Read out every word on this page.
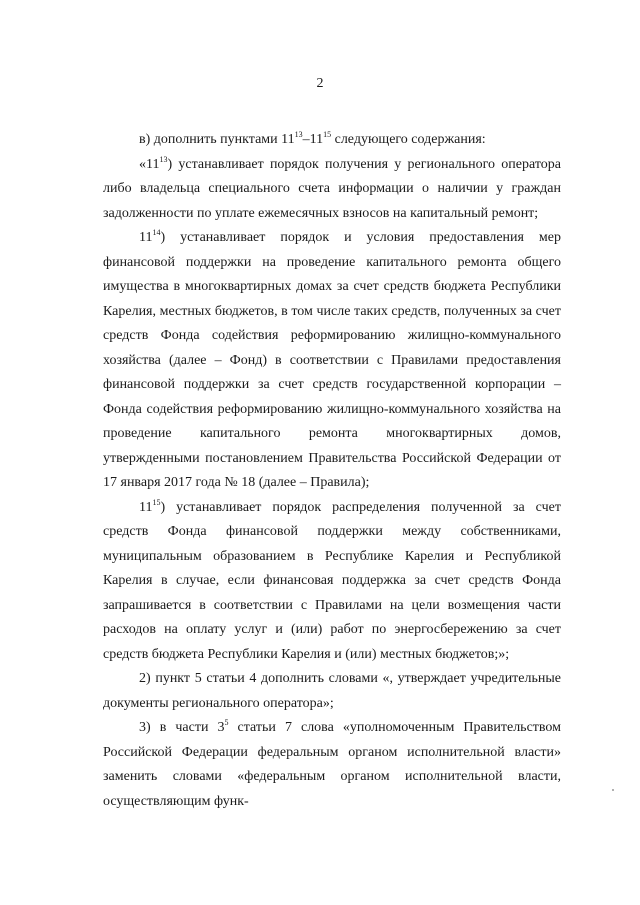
2

в) дополнить пунктами $11^{13}-11^{15}$ следующего содержания:

«$11^{13}$) устанавливает порядок получения у регионального оператора либо владельца специального счета информации о наличии у граждан задолженности по уплате ежемесячных взносов на капитальный ремонт;

$11^{14}$) устанавливает порядок и условия предоставления мер финансовой поддержки на проведение капитального ремонта общего имущества в многоквартирных домах за счет средств бюджета Республики Карелия, местных бюджетов, в том числе таких средств, полученных за счет средств Фонда содействия реформированию жилищно-коммунального хозяйства (далее – Фонд) в соответствии с Правилами предоставления финансовой поддержки за счет средств государственной корпорации – Фонда содействия реформированию жилищно-коммунального хозяйства на проведение капитального ремонта многоквартирных домов, утвержденными постановлением Правительства Российской Федерации от 17 января 2017 года № 18 (далее – Правила);

$11^{15}$) устанавливает порядок распределения полученной за счет средств Фонда финансовой поддержки между собственниками, муниципальным образованием в Республике Карелия и Республикой Карелия в случае, если финансовая поддержка за счет средств Фонда запрашивается в соответствии с Правилами на цели возмещения части расходов на оплату услуг и (или) работ по энергосбережению за счет средств бюджета Республики Карелия и (или) местных бюджетов;»;

2) пункт 5 статьи 4 дополнить словами «, утверждает учредительные документы регионального оператора»;

3) в части $3^5$ статьи 7 слова «уполномоченным Правительством Российской Федерации федеральным органом исполнительной власти» заменить словами «федеральным органом исполнительной власти, осуществляющим функ-
